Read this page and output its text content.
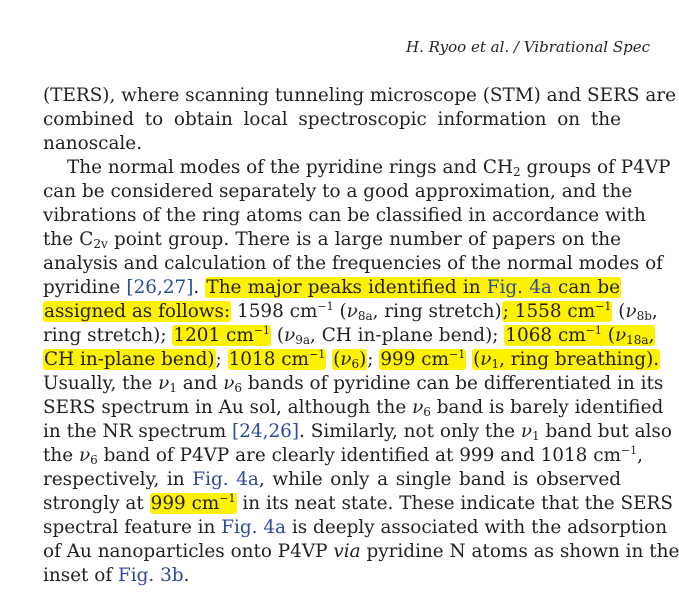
H. Ryoo et al. / Vibrational Spec
(TERS), where scanning tunneling microscope (STM) and SERS are
combined to obtain local spectroscopic information on the
nanoscale.
The normal modes of the pyridine rings and $CH_2$ groups of P4VP
can be considered separately to a good approximation, and the
vibrations of the ring atoms can be classified in accordance with
the $C_{2v}$ point group. There is a large number of papers on the
analysis and calculation of the frequencies of the normal modes of
pyridine [26,27]. The major peaks identified in Fig. 4a can be
assigned as follows: 1598 $cm^{-1}$ ($\nu_{8a}$, ring stretch); 1558 $cm^{-1}$ ($\nu_{8b}$,
ring stretch); 1201 $cm^{-1}$ ($\nu_{9a}$, CH in-plane bend); 1068 $cm^{-1}$ ($\nu_{18a}$,
CH in-plane bend); 1018 $cm^{-1}$ $(\nu_6)$; 999 $cm^{-1}$ ($\nu_1$, ring breathing).
Usually, the $\nu_1$ and $\nu_6$ bands of pyridine can be differentiated in its
SERS spectrum in Au sol, although the $\nu_6$ band is barely identified
in the NR spectrum [24,26]. Similarly, not only the $\nu_1$ band but also
the $\nu_6$ band of P4VP are clearly identified at 999 and 1018 $cm^{-1}$,
respectively, in Fig. 4a, while only a single band is observed
strongly at 999 $cm^{-1}$ in its neat state. These indicate that the SERS
spectral feature in Fig. 4a is deeply associated with the adsorption
of Au nanoparticles onto P4VP via pyridine N atoms as shown in the
inset of Fig. 3b.
